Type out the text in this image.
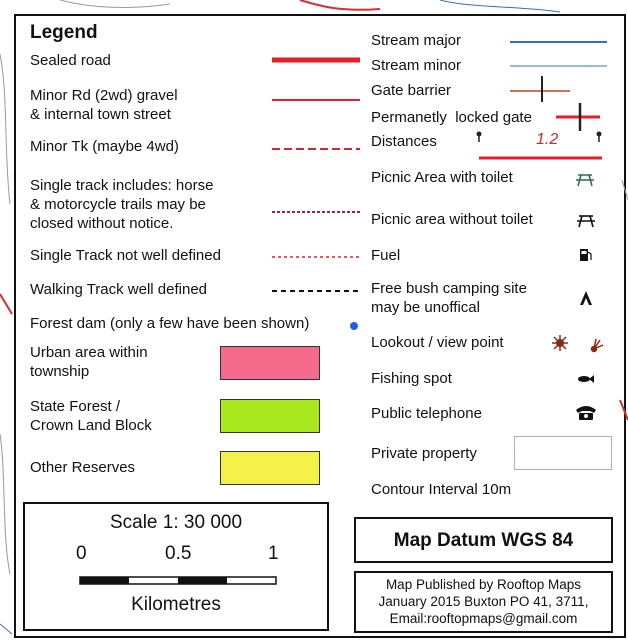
Legend
Sealed road
Minor Rd (2wd) gravel
& internal town street
Minor Tk (maybe 4wd)
Single track includes: horse
& motorcycle trails may be
closed without notice.
Single Track not well defined
Walking Track well defined
Forest dam (only a few have been shown)
Urban area within
township
State Forest /
Crown Land Block
Other Reserves
Stream major
Stream minor
Gate barrier
Permanetly  locked gate
Distances
Picnic Area with toilet
Picnic area without toilet
Fuel
Free bush camping site
may be unoffical
Lookout / view point
Fishing spot
Public telephone
Private property
Contour Interval 10m
1.2
Scale 1: 30 000
0	0.5	1
Kilometres
Map Datum WGS 84
Map Published by Rooftop Maps
January 2015 Buxton PO 41, 3711,
Email:rooftopmaps@gmail.com
